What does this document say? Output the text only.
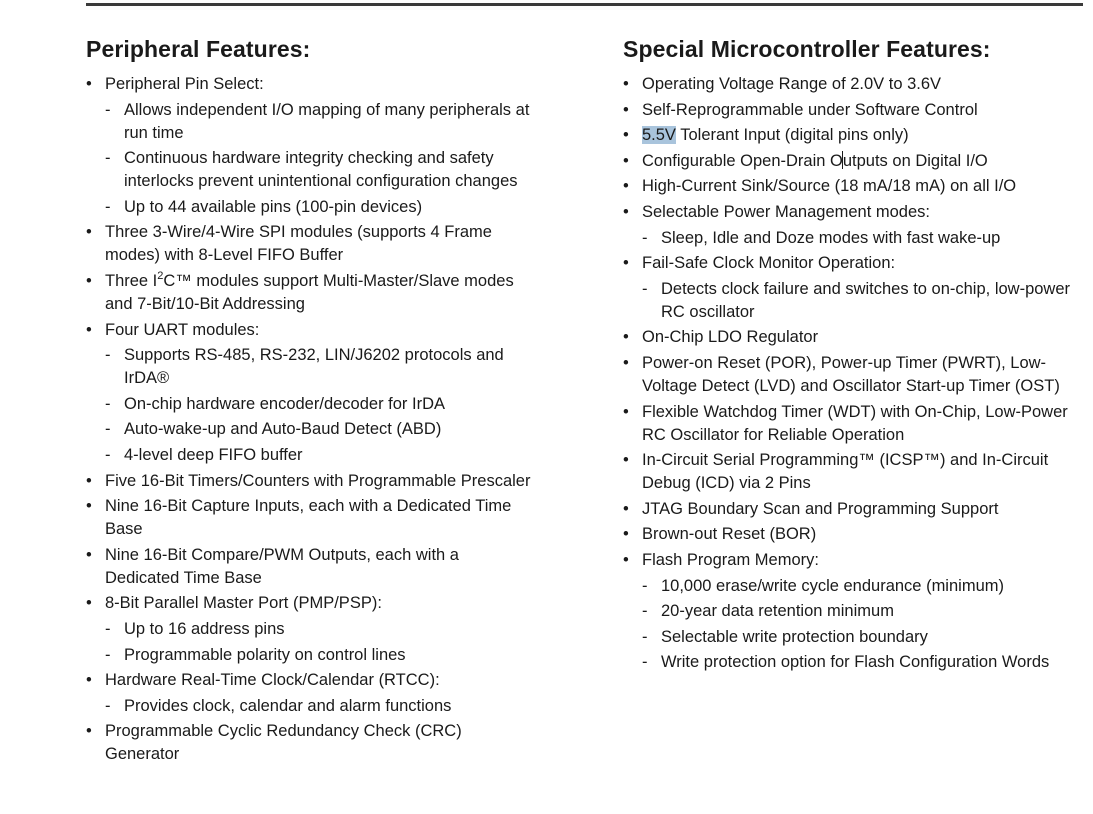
Peripheral Features:
• Peripheral Pin Select:
- Allows independent I/O mapping of many peripherals at run time
- Continuous hardware integrity checking and safety interlocks prevent unintentional configuration changes
- Up to 44 available pins (100-pin devices)
• Three 3-Wire/4-Wire SPI modules (supports 4 Frame modes) with 8-Level FIFO Buffer
• Three $I^2C™$ modules support Multi-Master/Slave modes and 7-Bit/10-Bit Addressing
• Four UART modules:
- Supports RS-485, RS-232, LIN/J6202 protocols and IrDA®
- On-chip hardware encoder/decoder for IrDA
- Auto-wake-up and Auto-Baud Detect (ABD)
- 4-level deep FIFO buffer
• Five 16-Bit Timers/Counters with Programmable Prescaler
• Nine 16-Bit Capture Inputs, each with a Dedicated Time Base
• Nine 16-Bit Compare/PWM Outputs, each with a Dedicated Time Base
• 8-Bit Parallel Master Port (PMP/PSP):
- Up to 16 address pins
- Programmable polarity on control lines
• Hardware Real-Time Clock/Calendar (RTCC):
- Provides clock, calendar and alarm functions
• Programmable Cyclic Redundancy Check (CRC) Generator
Special Microcontroller Features:
• Operating Voltage Range of 2.0V to 3.6V
• Self-Reprogrammable under Software Control
• 5.5V Tolerant Input (digital pins only)
• Configurable Open-Drain Outputs on Digital I/O
• High-Current Sink/Source (18 mA/18 mA) on all I/O
• Selectable Power Management modes:
- Sleep, Idle and Doze modes with fast wake-up
• Fail-Safe Clock Monitor Operation:
- Detects clock failure and switches to on-chip, low-power RC oscillator
• On-Chip LDO Regulator
• Power-on Reset (POR), Power-up Timer (PWRT), Low-Voltage Detect (LVD) and Oscillator Start-up Timer (OST)
• Flexible Watchdog Timer (WDT) with On-Chip, Low-Power RC Oscillator for Reliable Operation
• In-Circuit Serial Programming™ (ICSP™) and In-Circuit Debug (ICD) via 2 Pins
• JTAG Boundary Scan and Programming Support
• Brown-out Reset (BOR)
• Flash Program Memory:
- 10,000 erase/write cycle endurance (minimum)
- 20-year data retention minimum
- Selectable write protection boundary
- Write protection option for Flash Configuration Words
